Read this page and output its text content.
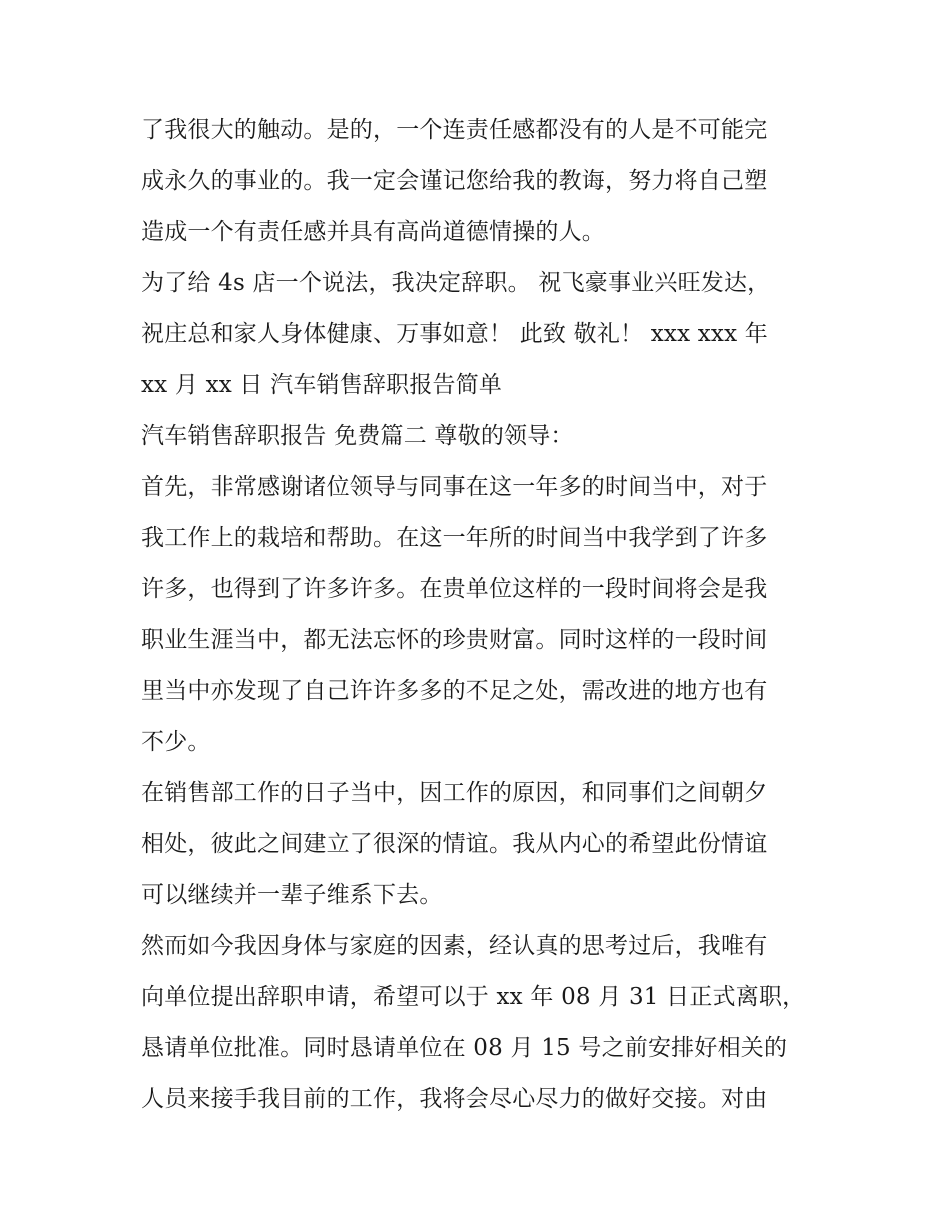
了我很大的触动。是的，一个连责任感都没有的人是不可能完
成永久的事业的。我一定会谨记您给我的教诲，努力将自己塑
造成一个有责任感并具有高尚道德情操的人。
为了给 4s 店一个说法，我决定辞职。 祝飞豪事业兴旺发达，
祝庄总和家人身体健康、万事如意！ 此致 敬礼！ xxx xxx 年
xx 月 xx 日 汽车销售辞职报告简单
汽车销售辞职报告 免费篇二 尊敬的领导：
首先，非常感谢诸位领导与同事在这一年多的时间当中，对于
我工作上的栽培和帮助。在这一年所的时间当中我学到了许多
许多，也得到了许多许多。在贵单位这样的一段时间将会是我
职业生涯当中，都无法忘怀的珍贵财富。同时这样的一段时间
里当中亦发现了自己许许多多的不足之处，需改进的地方也有
不少。
在销售部工作的日子当中，因工作的原因，和同事们之间朝夕
相处，彼此之间建立了很深的情谊。我从内心的希望此份情谊
可以继续并一辈子维系下去。
然而如今我因身体与家庭的因素，经认真的思考过后，我唯有
向单位提出辞职申请，希望可以于 xx 年 08 月 31 日正式离职，
恳请单位批准。同时恳请单位在 08 月 15 号之前安排好相关的
人员来接手我目前的工作，我将会尽心尽力的做好交接。对由
